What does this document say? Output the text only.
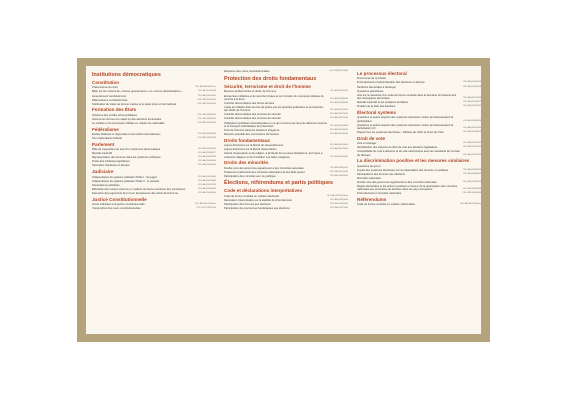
Institutions démocratiques
Constitution
Prééminence du droit	CDL-AD(2016)007rev
Bilan sur les notions de « bonne gouvernance » et « bonne administration »	CDL-AD(2011)009
Amendement constitutionnel	CDL-AD(2010)001
Référendums constitutionnels	CDL-INF(2001)010
Notification du statut de femme mariée et le statut privé et international	CDL-INF(2005)003
Formation des États
Solutions des conflits ethno-politiques	CDL-INF(1996)004
Autonomie interne et le statut ou des élections territoriales	CDL-INF(1996)004
La violation et la succession d'États en matière de nationalité	CDL-INF(1997)004
Fédéralisme
Entités fédérées et régionales et les traités internationaux	CDL-INF(2000)003
Son régionalisme fédéral	CDL-INF(1997)003
Parlement
Rôle de l'opposition au sein d'un parlement démocratique	CDL-AD(2010)025
Mandat impératif	CDL-AD(2009)027
Représentation des femmes dans les systèmes politiques	CDL-AD(2009)029
Droits des initiatives législatives	CDL-AD(2008)035
Secondes chambres en Europe	CDL-INF(2006)010
Judiciaire
Indépendance du système judiciaire Partie I : les juges	CDL-AD(2010)004
Indépendance du système judiciaire Partie II : le parquet	CDL-AD(2010)040
Nominations judiciaires	CDL-AD(2007)028
Effectivité des recours internes en matière de durée excessive des procédures	CDL-AD(2006)036
Exécution des jugements de la Cour Européenne des droits de l'Homme	CDL-AD(2002)034
Justice Constitutionnelle
Accès individuel à la justice constitutionnelle	CDL-AD(2010)039rev
Composition des cours constitutionnelles	CDL-STD(1997)020
Décisions des cours constitutionnelles	CDL-INF(2001)009
Protection des droits fondamentaux
Sécurité, terrorisme et droit de l'homme
Mesures antiterroristes et droits de l'homme	CDL-AD(2010)022
Entreprises militaires et de sécurité privées et sur l'érosion du monopole étatique du recours à la force	CDL-AD(2009)038
Contrôle démocratique des forces armées	CDL-AD(2008)004
L'aide au militaire dans les lois de justice par les autorités judiciaires et la protection des droits de l'homme	CDL-AD(2007)019
Contrôle démocratique des services de sécurité	CDL-AD(2007)016
Contrôle démocratique des services de sécurité	CDL-AD(2015)010
Obligations juridiques internationales en ce qui concerne les lieux de détention secrets et le transport interétatique de prisonniers	CDL-AD(2006)009
Droit de l'homme dans les situations d'urgence	CDL-AD(2006)015
Révision possible des conventions de Genève	CDL-AD(2003)018
Droits fondamentaux
Lignes directrices sur la liberté de rassemblement	CDL-AD(2010)020
Lignes directrices sur la liberté d'association	CDL-AD(2014)046
Liberté d'expression et de religion, à la liberté de la presse blasphème, de l'injure à caractère religieux et de l'incitation à la haine religieuse	CDL-AD(2008)026
Droits des minorités
Double vote des personnes appartenant à des minorités nationales	CDL-AD(2008)013
Traitement préférentiel des minorités nationales par leur État-parent	CDL-INF(2001)019
Participation des minorités aux vie publique	CDL-AD(2009)029
Élections, référendums et partis politiques
Code et déclarations interprétatives
Code de bonne conduite en matière électorale	CDL-AD(2002)023rev
Déclaration interprétative sur la stabilité du droit électoral	CDL-AD(2005)043
Participation des femmes aux élections	CDL-AD(2006)020
Participation des personnes handicapées aux élections	CDL-AD(2011)045
Le processus électoral
Documents de synthèse
Droit électoral et l'administration des élections en Europe	CDL-AD(2006)018
Partitions électorales à l'étranger	CDL-AD(2004)023
Questions spécifiques
Avis sur la nécessité d'un code de bonne conduite dans le domaine du financement des campagnes électorales	CDL-AD(2012)005
Mandat impératif et les pratiques similaires	CDL-AD(2009)027
Fixation de la date des élections	CDL-AD(2007)042
Électoral systems
Questions et autres aspects des systèmes électoraux mixtes qui favoriseraient la participation	CDL-AD(2009)033
Questions et autres aspects des systèmes électoraux mixtes qui favoriseraient la participation (2)	CDL-AD(2010)036
Rapport sur les systèmes électoraux - Tableau de l'offre et choix de choix	CDL-AD(2004)003
Droit de vote
Vote à l'étranger	CDL-AD(2011)022
Identification des citoyens au droit de vote aux élections législatives	CDL-AD(2011)022
Compatibilité du vote à distance et du vote électronique avec les standards du Conseil de l'Europe	CDL-AD(2004)012
La discrimination positive et les mesures similaires
Questions de genre
Impact des systèmes électoraux sur la présentation des femmes en politique	CDL-AD(2009)029
Participations des femmes aux élections	CDL-AD(2006)020
Minorités nationales
Double vote des personnes appartenant à des minorités nationales	CDL-AD(2008)013
Règles électorales et les actions positives en faveur de la participation des minorités nationales aux processus de décision dans les pays européens	CDL-AD(2005)009
Droit électoral et minorités nationales	CDL-INF(2000)004
Référendums
Code de bonne conduite en matière référendaire	CDL-AD(2007)008rev
